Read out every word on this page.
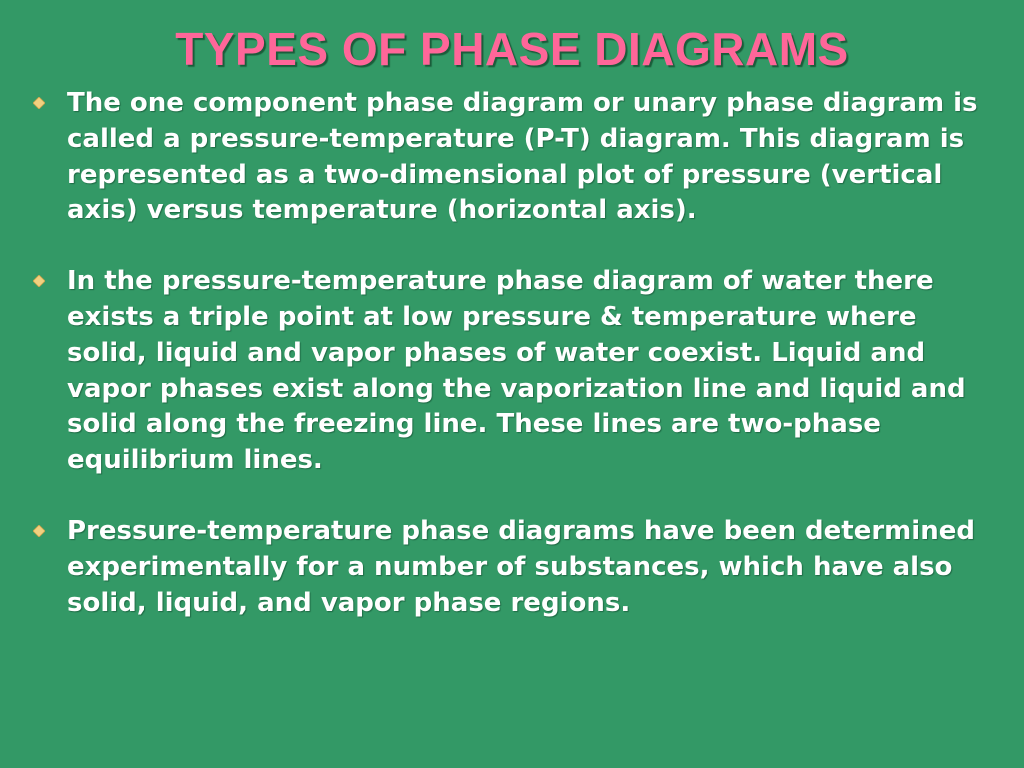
TYPES OF PHASE DIAGRAMS
The one component phase diagram or unary phase diagram is called a pressure-temperature (P-T) diagram. This diagram is represented as a two-dimensional plot of pressure (vertical axis) versus temperature (horizontal axis).
In the pressure-temperature phase diagram of water there exists a triple point at low pressure & temperature where solid, liquid and vapor phases of water coexist. Liquid and vapor phases exist along the vaporization line and liquid and solid along the freezing line. These lines are two-phase equilibrium lines.
Pressure-temperature phase diagrams have been determined experimentally for a number of substances, which have also solid, liquid, and vapor phase regions.
